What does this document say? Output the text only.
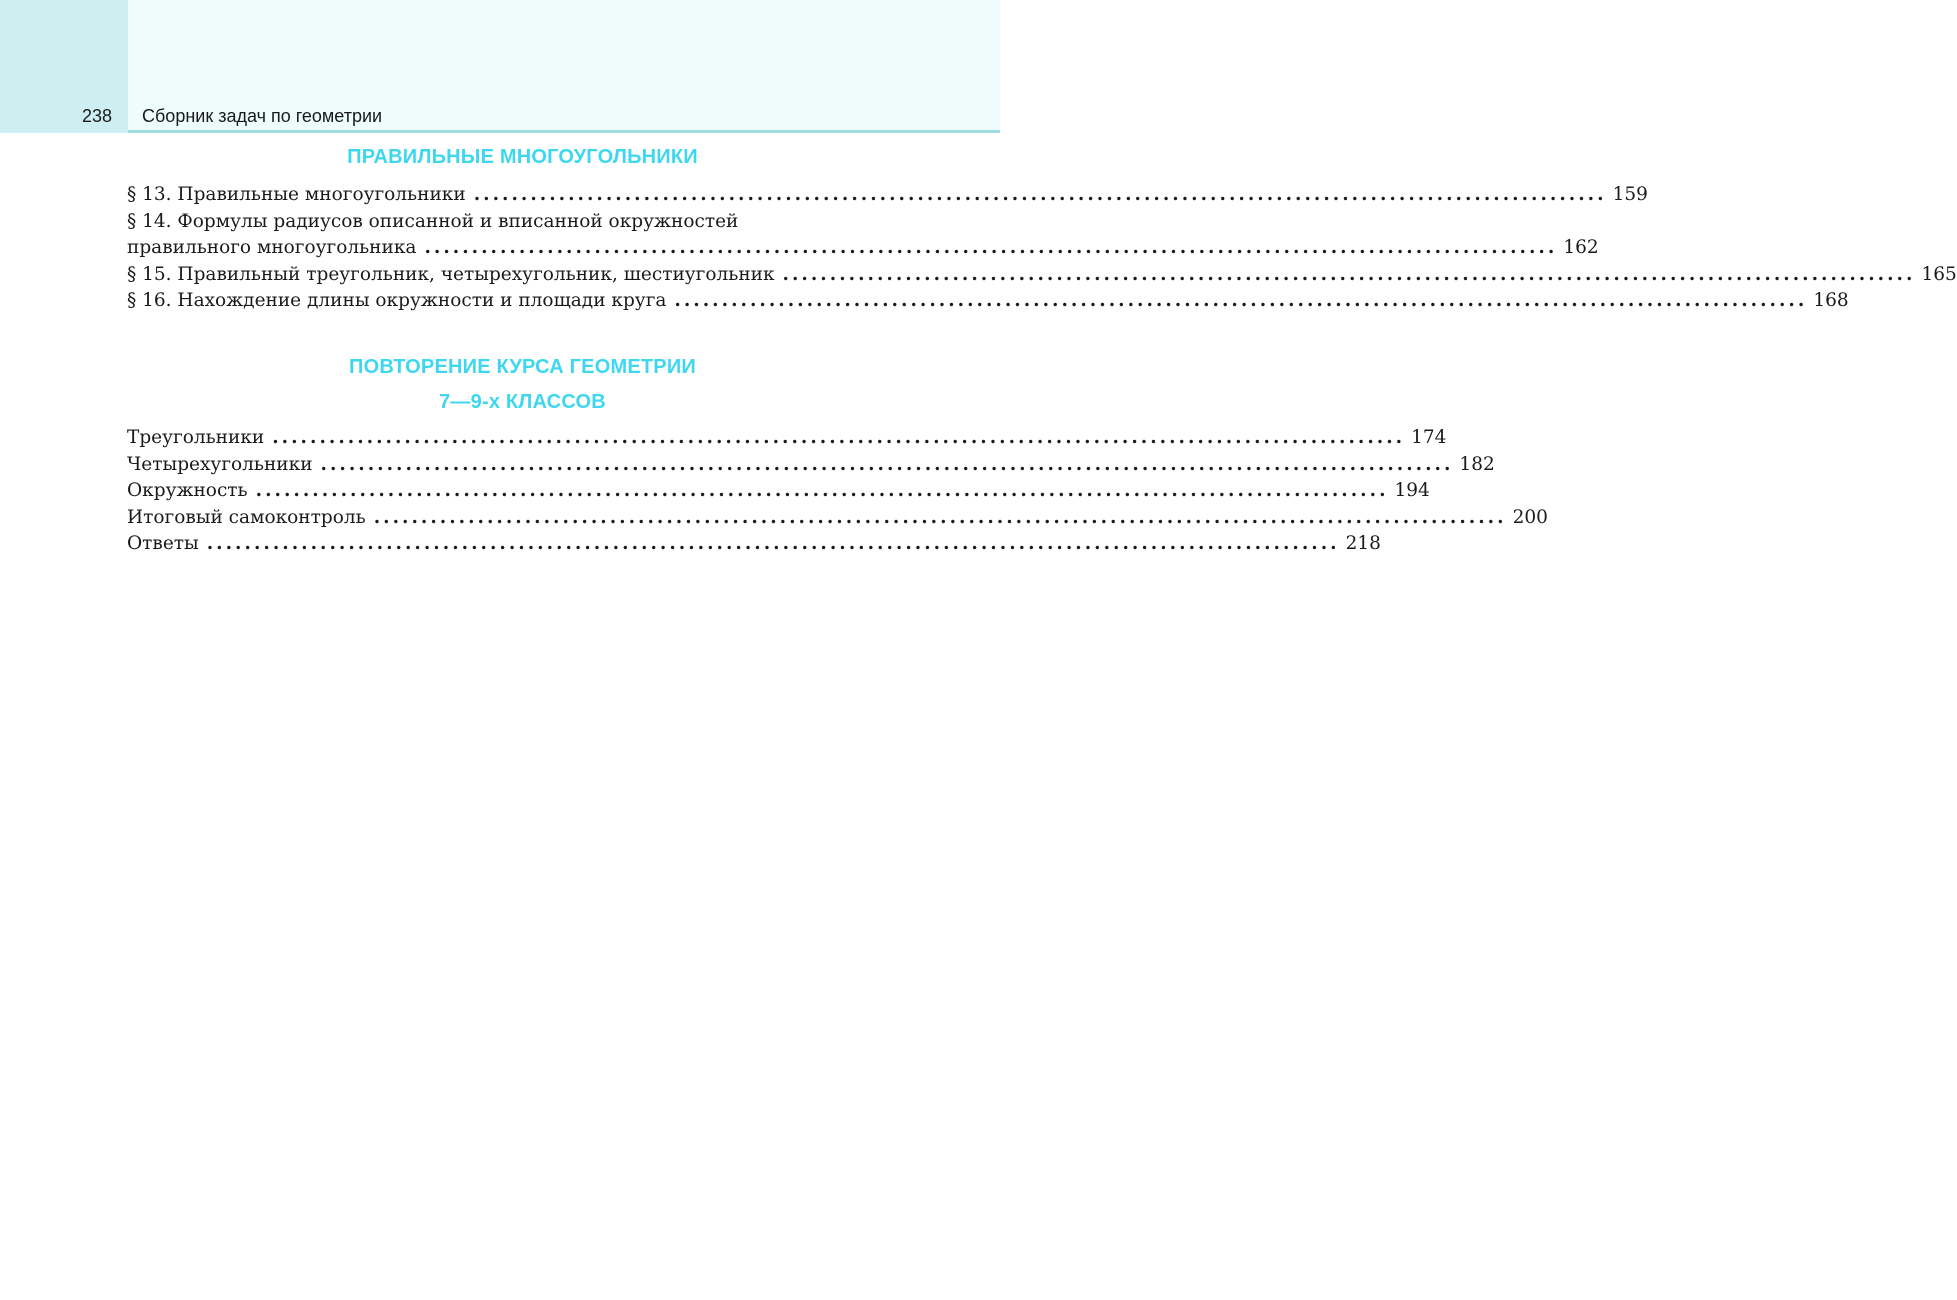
238 Сборник задач по геометрии
ПРАВИЛЬНЫЕ МНОГОУГОЛЬНИКИ
§ 13. Правильные многоугольники ........................................................................................................................ 159
§ 14. Формулы радиусов описанной и вписанной окружностей
правильного многоугольника ........................................................................................................................ 162
§ 15. Правильный треугольник, четырехугольник, шестиугольник ........................................................................................................................ 165
§ 16. Нахождение длины окружности и площади круга ........................................................................................................................ 168
ПОВТОРЕНИЕ КУРСА ГЕОМЕТРИИ
7—9-х КЛАССОВ
Треугольники ........................................................................................................................ 174
Четырехугольники ........................................................................................................................ 182
Окружность ........................................................................................................................ 194
Итоговый самоконтроль ........................................................................................................................ 200
Ответы ........................................................................................................................ 218
